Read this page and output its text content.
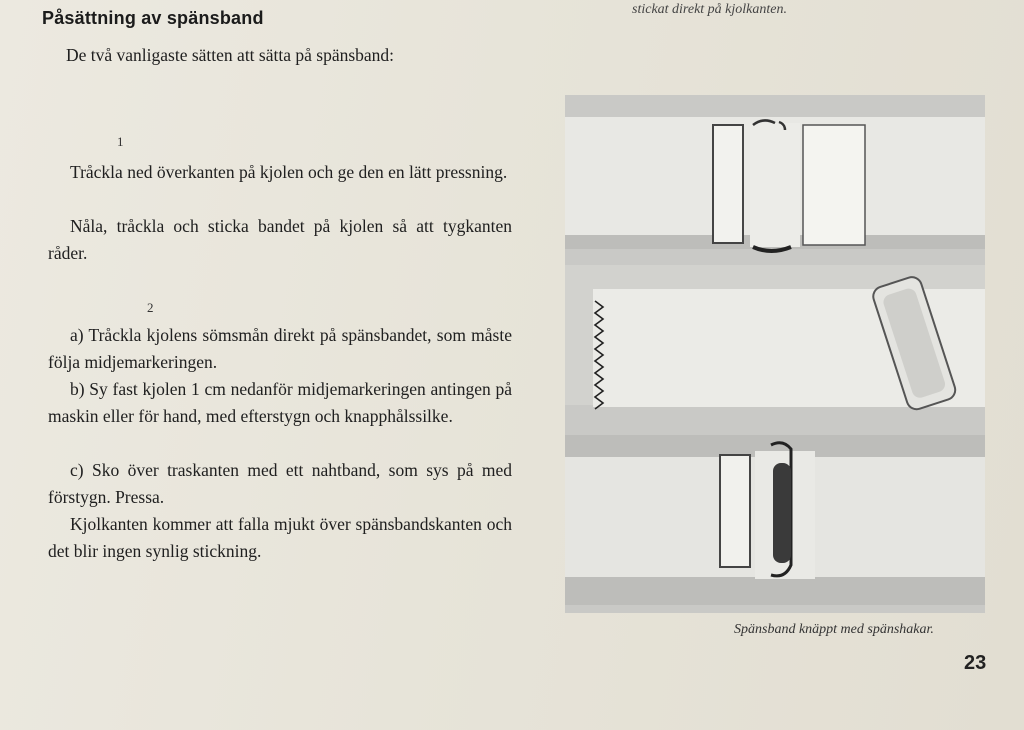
Påsättning av spänsband	stickat direkt på kjolkanten.
De två vanligaste sätten att sätta på spänsband:
1
Tråckla ned överkanten på kjolen och ge den en lätt pressning.
Nåla, tråckla och sticka bandet på kjolen så att tygkanten råder.
2
a) Tråckla kjolens sömsmån direkt på spänsbandet, som måste följa midjemarkeringen.
b) Sy fast kjolen 1 cm nedanför midjemarkeringen antingen på maskin eller för hand, med efterstygn och knapphålssilke.
c) Sko över traskanten med ett nahtband, som sys på med förstygn. Pressa.
Kjolkanten kommer att falla mjukt över spänsbandskanten och det blir ingen synlig stickning.
Spänsband knäppt med spänshakar.
23
